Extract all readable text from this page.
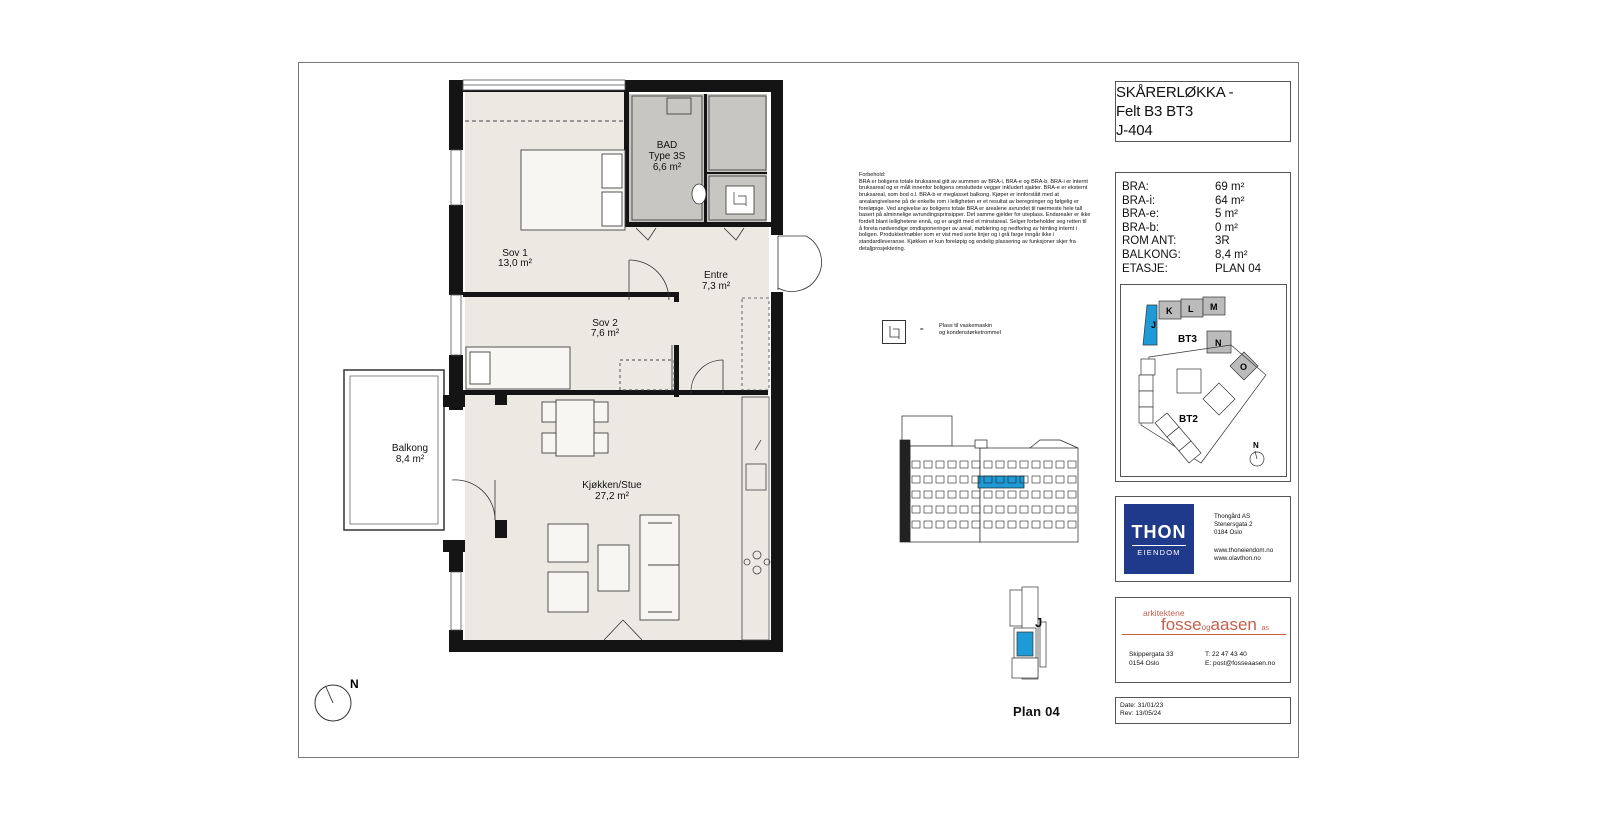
BAD
Type 3S
6,6 m²
Sov 1
13,0 m²
Entre
7,3 m²
Sov 2
7,6 m²
Balkong
8,4 m²
Kjøkken/Stue
27,2 m²
N
J
SKÅRERLØKKA -
Felt B3 BT3
J-404
BRA:	69 m²
BRA-i:	64 m²
BRA-e:	5 m²
BRA-b:	0 m²
ROM ANT:	3R
BALKONG:	8,4 m²
ETASJE:	PLAN 04
J
K L M
N
O
BT3
BT2
N
Forbehold:
BRA er boligens totale bruksareal gitt av summen av BRA-i, BRA-e og BRA-b. BRA-i er internt bruksareal og er målt innenfor boligens omsluttede vegger inkludert sjakter. BRA-e er eksternt bruksareal, som bod o.l. BRA-b er meglasset balkong. Kjøper er innforstått med at arealangivelsene på de enkelte rom i leiligheten er et resultat av beregninger og følgelig er foreløpige. Ved angivelse av boligens totale BRA er arealene avrundet til nærmeste hele tall basert på alminnelige avrundingsprinsipper. Det samme gjelder for uteplass. Endarealer er ikke fordelt blant leilighetene ennå, og er angitt med et minstareal. Selger forbeholder seg retten til å foreta nødvendige omdisponeringer av areal, møblering og nedforing av himling internt i boligen. Produkter/møbler som er vist med sorte linjer og i grå farge inngår ikke i standardleveranse. Kjøkken er kun foreløpig og endelig plassering av funksjoner skjer fra detaljprosjektering.
=
Plass til vaskemaskin
og kondenstørketrommel
Plan 04
THON
EIENDOM
Thongård AS
Stenersgata 2
0184 Oslo
www.thoneiendom.no
www.olavthon.no
arkitektene
fosseogaasen as
Skippergata 33
0154 Oslo
T: 22 47 43 40
E: post@fosseaasen.no
Date: 31/01/23
Rev: 13/05/24
